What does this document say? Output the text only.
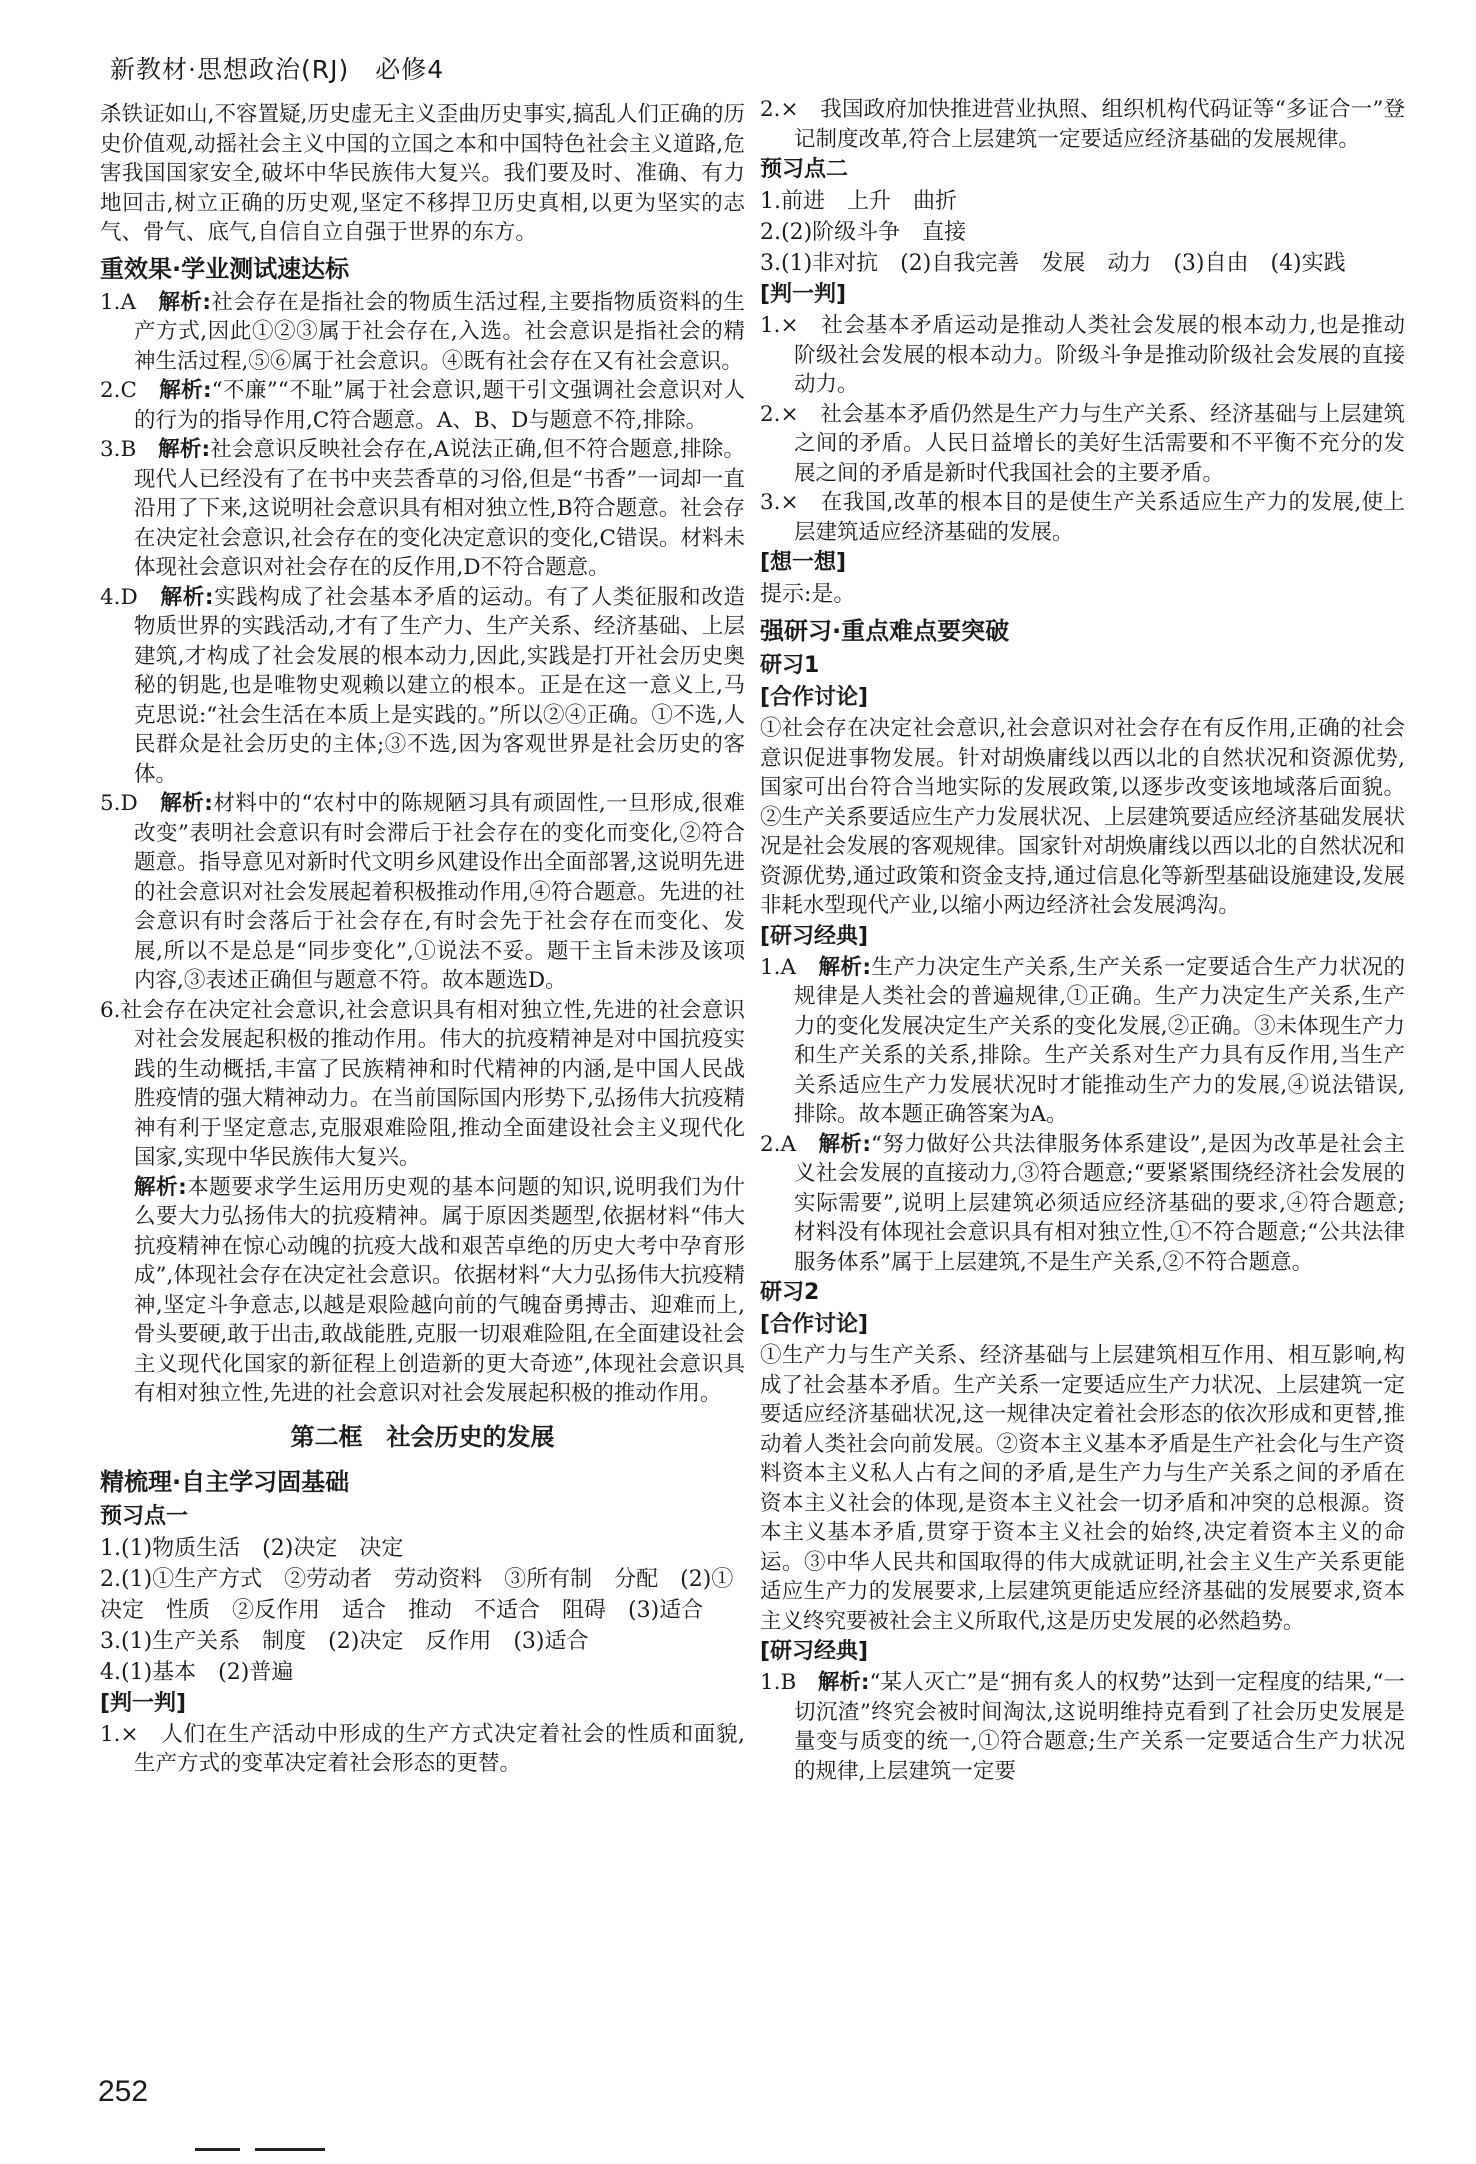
新教材·思想政治(RJ)　必修4

杀铁证如山,不容置疑,历史虚无主义歪曲历史事实,搞乱人们正确的历史价值观,动摇社会主义中国的立国之本和中国特色社会主义道路,危害我国国家安全,破坏中华民族伟大复兴。我们要及时、准确、有力地回击,树立正确的历史观,坚定不移捍卫历史真相,以更为坚实的志气、骨气、底气,自信自立自强于世界的东方。

重效果·学业测试速达标

1.A　解析:社会存在是指社会的物质生活过程,主要指物质资料的生产方式,因此①②③属于社会存在,入选。社会意识是指社会的精神生活过程,⑤⑥属于社会意识。④既有社会存在又有社会意识。

2.C　解析:“不廉”“不耻”属于社会意识,题干引文强调社会意识对人的行为的指导作用,C符合题意。A、B、D与题意不符,排除。

3.B　解析:社会意识反映社会存在,A说法正确,但不符合题意,排除。现代人已经没有了在书中夹芸香草的习俗,但是“书香”一词却一直沿用了下来,这说明社会意识具有相对独立性,B符合题意。社会存在决定社会意识,社会存在的变化决定意识的变化,C错误。材料未体现社会意识对社会存在的反作用,D不符合题意。

4.D　解析:实践构成了社会基本矛盾的运动。有了人类征服和改造物质世界的实践活动,才有了生产力、生产关系、经济基础、上层建筑,才构成了社会发展的根本动力,因此,实践是打开社会历史奥秘的钥匙,也是唯物史观赖以建立的根本。正是在这一意义上,马克思说:“社会生活在本质上是实践的。”所以②④正确。①不选,人民群众是社会历史的主体;③不选,因为客观世界是社会历史的客体。

5.D　解析:材料中的“农村中的陈规陋习具有顽固性,一旦形成,很难改变”表明社会意识有时会滞后于社会存在的变化而变化,②符合题意。指导意见对新时代文明乡风建设作出全面部署,这说明先进的社会意识对社会发展起着积极推动作用,④符合题意。先进的社会意识有时会落后于社会存在,有时会先于社会存在而变化、发展,所以不是总是“同步变化”,①说法不妥。题干主旨未涉及该项内容,③表述正确但与题意不符。故本题选D。

6.社会存在决定社会意识,社会意识具有相对独立性,先进的社会意识对社会发展起积极的推动作用。伟大的抗疫精神是对中国抗疫实践的生动概括,丰富了民族精神和时代精神的内涵,是中国人民战胜疫情的强大精神动力。在当前国际国内形势下,弘扬伟大抗疫精神有利于坚定意志,克服艰难险阻,推动全面建设社会主义现代化国家,实现中华民族伟大复兴。

解析:本题要求学生运用历史观的基本问题的知识,说明我们为什么要大力弘扬伟大的抗疫精神。属于原因类题型,依据材料“伟大抗疫精神在惊心动魄的抗疫大战和艰苦卓绝的历史大考中孕育形成”,体现社会存在决定社会意识。依据材料“大力弘扬伟大抗疫精神,坚定斗争意志,以越是艰险越向前的气魄奋勇搏击、迎难而上,骨头要硬,敢于出击,敢战能胜,克服一切艰难险阻,在全面建设社会主义现代化国家的新征程上创造新的更大奇迹”,体现社会意识具有相对独立性,先进的社会意识对社会发展起积极的推动作用。

第二框　社会历史的发展
精梳理·自主学习固基础
预习点一

1.(1)物质生活　(2)决定　决定

2.(1)①生产方式　②劳动者　劳动资料　③所有制　分配　(2)①决定　性质　②反作用　适合　推动　不适合　阻碍　(3)适合

3.(1)生产关系　制度　(2)决定　反作用　(3)适合

4.(1)基本　(2)普遍

[判一判]

1.×　人们在生产活动中形成的生产方式决定着社会的性质和面貌,生产方式的变革决定着社会形态的更替。

2.×　我国政府加快推进营业执照、组织机构代码证等“多证合一”登记制度改革,符合上层建筑一定要适应经济基础的发展规律。

预习点二

1.前进　上升　曲折

2.(2)阶级斗争　直接

3.(1)非对抗　(2)自我完善　发展　动力　(3)自由　(4)实践

[判一判]

1.×　社会基本矛盾运动是推动人类社会发展的根本动力,也是推动阶级社会发展的根本动力。阶级斗争是推动阶级社会发展的直接动力。

2.×　社会基本矛盾仍然是生产力与生产关系、经济基础与上层建筑之间的矛盾。人民日益增长的美好生活需要和不平衡不充分的发展之间的矛盾是新时代我国社会的主要矛盾。

3.×　在我国,改革的根本目的是使生产关系适应生产力的发展,使上层建筑适应经济基础的发展。

[想一想]

提示:是。

强研习·重点难点要突破
研习1
[合作讨论]

①社会存在决定社会意识,社会意识对社会存在有反作用,正确的社会意识促进事物发展。针对胡焕庸线以西以北的自然状况和资源优势,国家可出台符合当地实际的发展政策,以逐步改变该地域落后面貌。②生产关系要适应生产力发展状况、上层建筑要适应经济基础发展状况是社会发展的客观规律。国家针对胡焕庸线以西以北的自然状况和资源优势,通过政策和资金支持,通过信息化等新型基础设施建设,发展非耗水型现代产业,以缩小两边经济社会发展鸿沟。

[研习经典]

1.A　解析:生产力决定生产关系,生产关系一定要适合生产力状况的规律是人类社会的普遍规律,①正确。生产力决定生产关系,生产力的变化发展决定生产关系的变化发展,②正确。③未体现生产力和生产关系的关系,排除。生产关系对生产力具有反作用,当生产关系适应生产力发展状况时才能推动生产力的发展,④说法错误,排除。故本题正确答案为A。

2.A　解析:“努力做好公共法律服务体系建设”,是因为改革是社会主义社会发展的直接动力,③符合题意;“要紧紧围绕经济社会发展的实际需要”,说明上层建筑必须适应经济基础的要求,④符合题意;材料没有体现社会意识具有相对独立性,①不符合题意;“公共法律服务体系”属于上层建筑,不是生产关系,②不符合题意。

研习2
[合作讨论]

①生产力与生产关系、经济基础与上层建筑相互作用、相互影响,构成了社会基本矛盾。生产关系一定要适应生产力状况、上层建筑一定要适应经济基础状况,这一规律决定着社会形态的依次形成和更替,推动着人类社会向前发展。②资本主义基本矛盾是生产社会化与生产资料资本主义私人占有之间的矛盾,是生产力与生产关系之间的矛盾在资本主义社会的体现,是资本主义社会一切矛盾和冲突的总根源。资本主义基本矛盾,贯穿于资本主义社会的始终,决定着资本主义的命运。③中华人民共和国取得的伟大成就证明,社会主义生产关系更能适应生产力的发展要求,上层建筑更能适应经济基础的发展要求,资本主义终究要被社会主义所取代,这是历史发展的必然趋势。

[研习经典]

1.B　解析:“某人灭亡”是“拥有炙人的权势”达到一定程度的结果,“一切沉渣”终究会被时间淘汰,这说明维持克看到了社会历史发展是量变与质变的统一,①符合题意;生产关系一定要适合生产力状况的规律,上层建筑一定要

252
